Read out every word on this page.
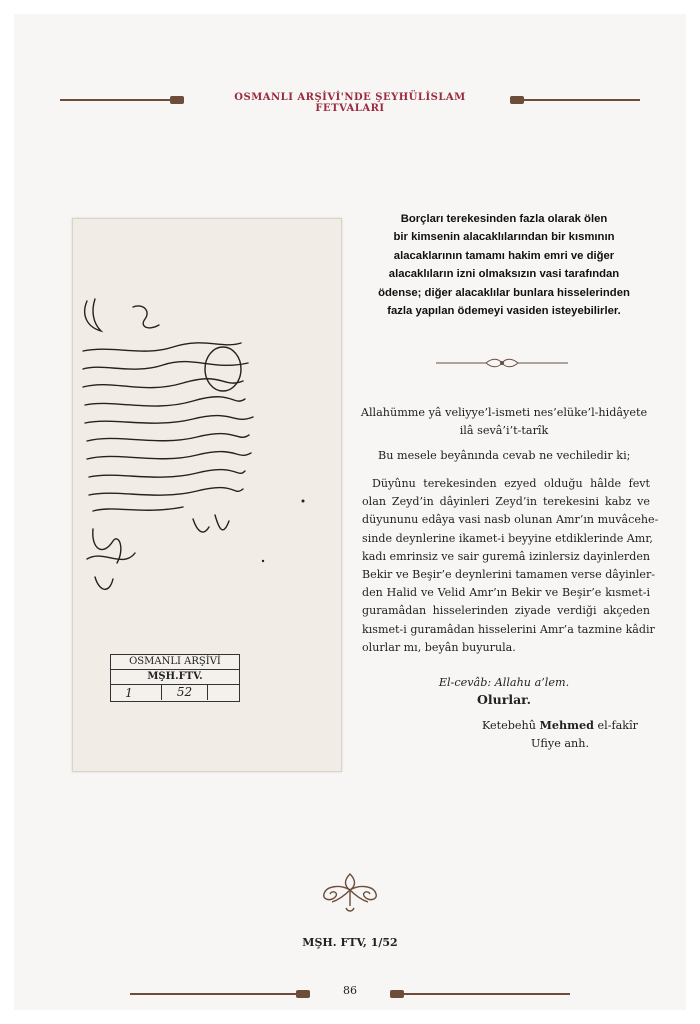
OSMANLI ARŞİVİ'NDE ŞEYHÜLİSLAM FETVALARI
OSMANLI ARŞİVİ
MŞH.FTV.
1	52
Borçları terekesinden fazla olarak ölen
bir kimsenin alacaklılarından bir kısmının
alacaklarının tamamı hakim emri ve diğer
alacaklıların izni olmaksızın vasi tarafından
ödense; diğer alacaklılar bunlara hisselerinden
fazla yapılan ödemeyi vasiden isteyebilirler.
Allahümme yâ veliyye’l-ismeti nes’elüke’l-hidâyete
ilâ sevâ’i’t-tarîk
Bu mesele beyânında cevab ne vechiledir ki;
Düyûnu terekesinden ezyed olduğu hâlde fevt
olan Zeyd’in dâyinleri Zeyd’in terekesini kabz ve
düyununu edâya vasi nasb olunan Amr’ın muvâcehe-
sinde deynlerine ikamet-i beyyine etdiklerinde Amr,
kadı emrinsiz ve sair guremâ izinlersiz dayinlerden
Bekir ve Beşir’e deynlerini tamamen verse dâyinler-
den Halid ve Velid Amr’ın Bekir ve Beşir’e kısmet-i
guramâdan hisselerinden ziyade verdiği akçeden
kısmet-i guramâdan hisselerini Amr’a tazmine kâdir
olurlar mı, beyân buyurula.
El-cevâb: Allahu a’lem.
Olurlar.
Ketebehû Mehmed el-fakîr
Ufiye anh.
MŞH. FTV, 1/52
86
